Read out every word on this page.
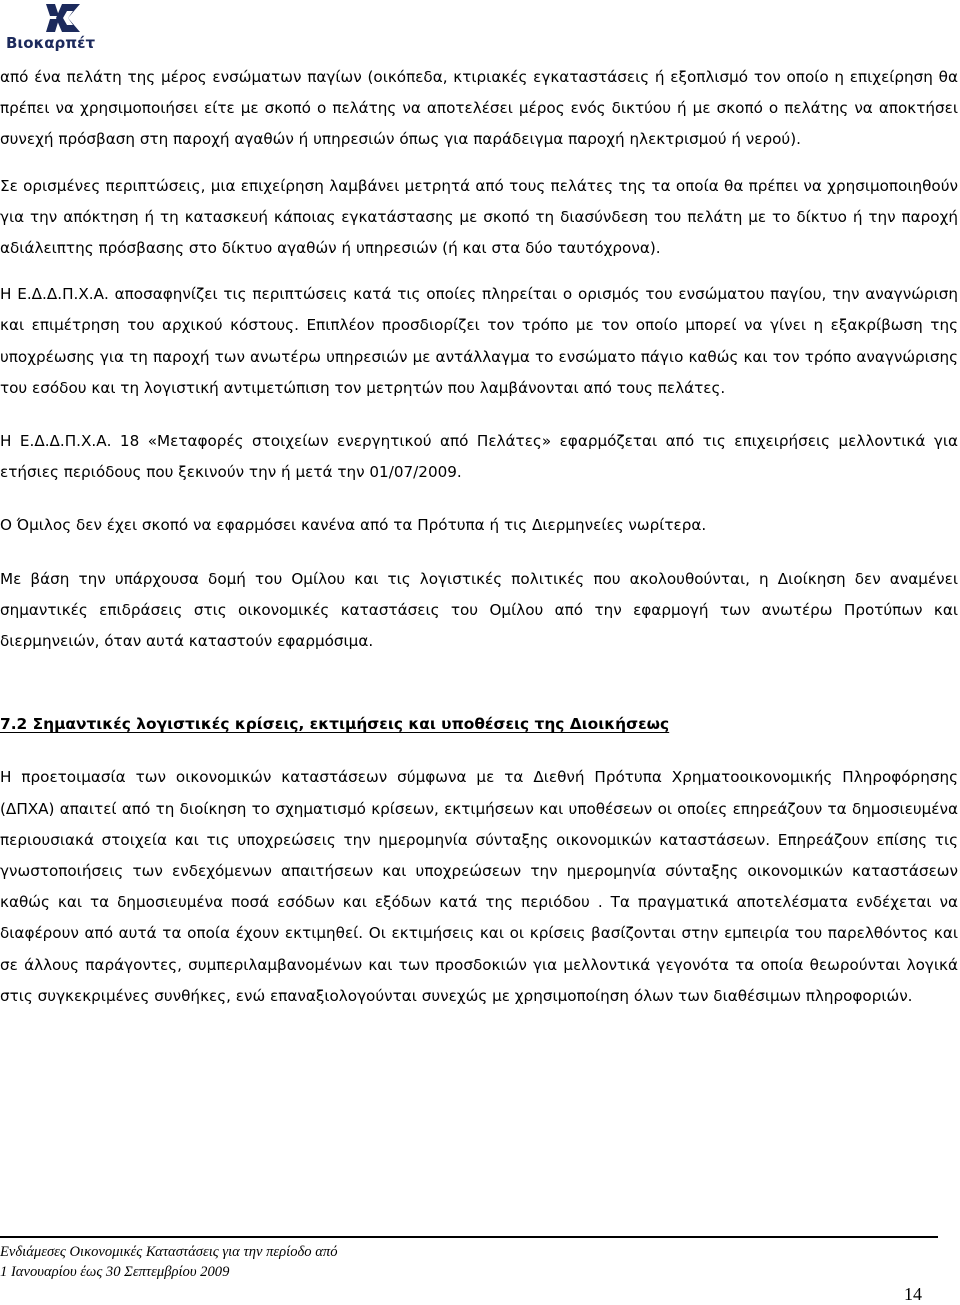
Βιοκαρπέτ

από ένα πελάτη της μέρος ενσώματων παγίων (οικόπεδα, κτιριακές εγκαταστάσεις ή εξοπλισμό τον οποίο η επιχείρηση θα πρέπει να χρησιμοποιήσει είτε με σκοπό ο πελάτης να αποτελέσει μέρος ενός δικτύου ή με σκοπό ο πελάτης να αποκτήσει συνεχή πρόσβαση στη παροχή αγαθών ή υπηρεσιών όπως για παράδειγμα παροχή ηλεκτρισμού ή νερού).

Σε ορισμένες περιπτώσεις, μια επιχείρηση λαμβάνει μετρητά από τους πελάτες της τα οποία θα πρέπει να χρησιμοποιηθούν για την απόκτηση ή τη κατασκευή κάποιας εγκατάστασης με σκοπό τη διασύνδεση του πελάτη με το δίκτυο ή την παροχή αδιάλειπτης πρόσβασης στο δίκτυο αγαθών ή υπηρεσιών (ή και στα δύο ταυτόχρονα).

Η Ε.Δ.Δ.Π.Χ.Α. αποσαφηνίζει τις περιπτώσεις κατά τις οποίες πληρείται ο ορισμός του ενσώματου παγίου, την αναγνώριση και επιμέτρηση του αρχικού κόστους. Επιπλέον προσδιορίζει τον τρόπο με τον οποίο μπορεί να γίνει η εξακρίβωση της υποχρέωσης για τη παροχή των ανωτέρω υπηρεσιών με αντάλλαγμα το ενσώματο πάγιο καθώς και τον τρόπο αναγνώρισης του εσόδου και τη λογιστική αντιμετώπιση τον μετρητών που λαμβάνονται από τους πελάτες.

Η Ε.Δ.Δ.Π.Χ.Α. 18 «Μεταφορές στοιχείων ενεργητικού από Πελάτες» εφαρμόζεται από τις επιχειρήσεις μελλοντικά για ετήσιες περιόδους που ξεκινούν την ή μετά την 01/07/2009.

Ο Όμιλος δεν έχει σκοπό να εφαρμόσει κανένα από τα Πρότυπα ή τις Διερμηνείες νωρίτερα.

Με βάση την υπάρχουσα δομή του Ομίλου και τις λογιστικές πολιτικές που ακολουθούνται, η Διοίκηση δεν αναμένει σημαντικές επιδράσεις στις οικονομικές καταστάσεις του Ομίλου από την εφαρμογή των ανωτέρω Προτύπων και διερμηνειών, όταν αυτά καταστούν εφαρμόσιμα.

7.2 Σημαντικές λογιστικές κρίσεις, εκτιμήσεις και υποθέσεις της Διοικήσεως

Η προετοιμασία των οικονομικών καταστάσεων σύμφωνα με τα Διεθνή Πρότυπα Χρηματοοικονομικής Πληροφόρησης (ΔΠΧΑ) απαιτεί από τη διοίκηση το σχηματισμό κρίσεων, εκτιμήσεων και υποθέσεων οι οποίες επηρεάζουν τα δημοσιευμένα περιουσιακά στοιχεία και τις υποχρεώσεις την ημερομηνία σύνταξης οικονομικών καταστάσεων. Επηρεάζουν επίσης τις γνωστοποιήσεις των ενδεχόμενων απαιτήσεων και υποχρεώσεων την ημερομηνία σύνταξης οικονομικών καταστάσεων καθώς και τα δημοσιευμένα ποσά εσόδων και εξόδων κατά της περιόδου . Τα πραγματικά αποτελέσματα ενδέχεται να διαφέρουν από αυτά τα οποία έχουν εκτιμηθεί. Οι εκτιμήσεις και οι κρίσεις βασίζονται στην εμπειρία του παρελθόντος και σε άλλους παράγοντες, συμπεριλαμβανομένων και των προσδοκιών για μελλοντικά γεγονότα τα οποία θεωρούνται λογικά στις συγκεκριμένες συνθήκες, ενώ επαναξιολογούνται συνεχώς με χρησιμοποίηση όλων των διαθέσιμων πληροφοριών.

Ενδιάμεσες Οικονομικές Καταστάσεις για την περίοδο από
1 Ιανουαρίου έως 30 Σεπτεμβρίου 2009
14
